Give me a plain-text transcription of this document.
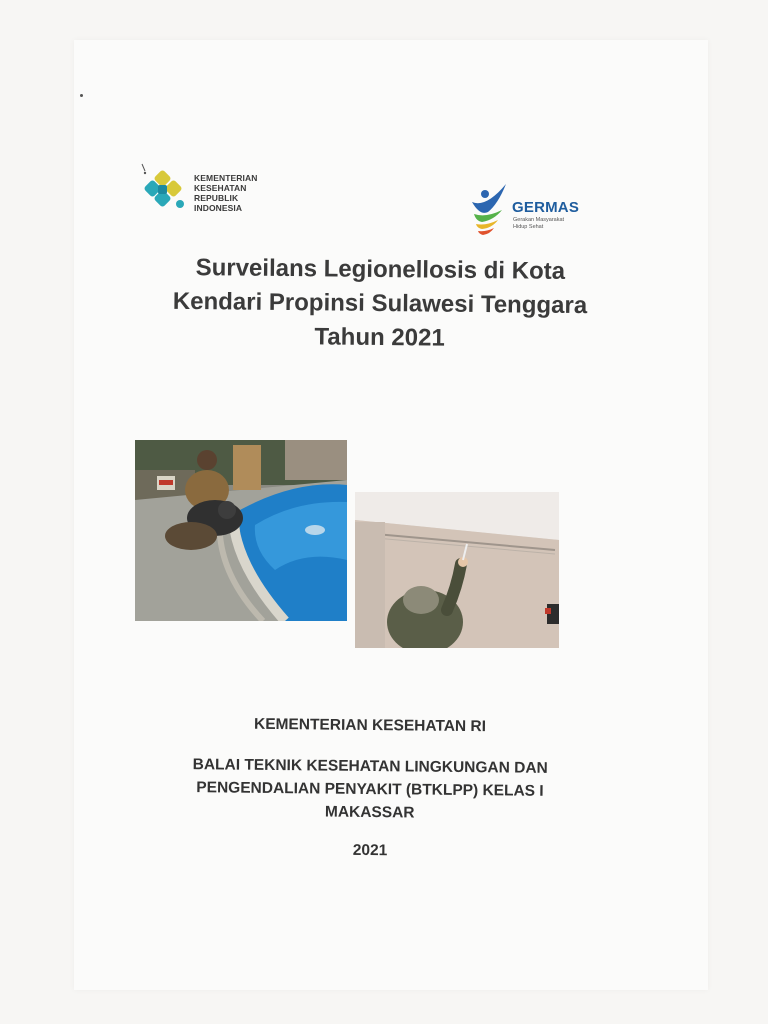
KEMENTERIAN
KESEHATAN
REPUBLIK
INDONESIA	GERMAS
Gerakan Masyarakat
Hidup Sehat
Surveilans Legionellosis di Kota
Kendari Propinsi Sulawesi Tenggara
Tahun 2021
KEMENTERIAN KESEHATAN RI
BALAI TEKNIK KESEHATAN LINGKUNGAN DAN
PENGENDALIAN PENYAKIT (BTKLPP) KELAS I
MAKASSAR
2021
